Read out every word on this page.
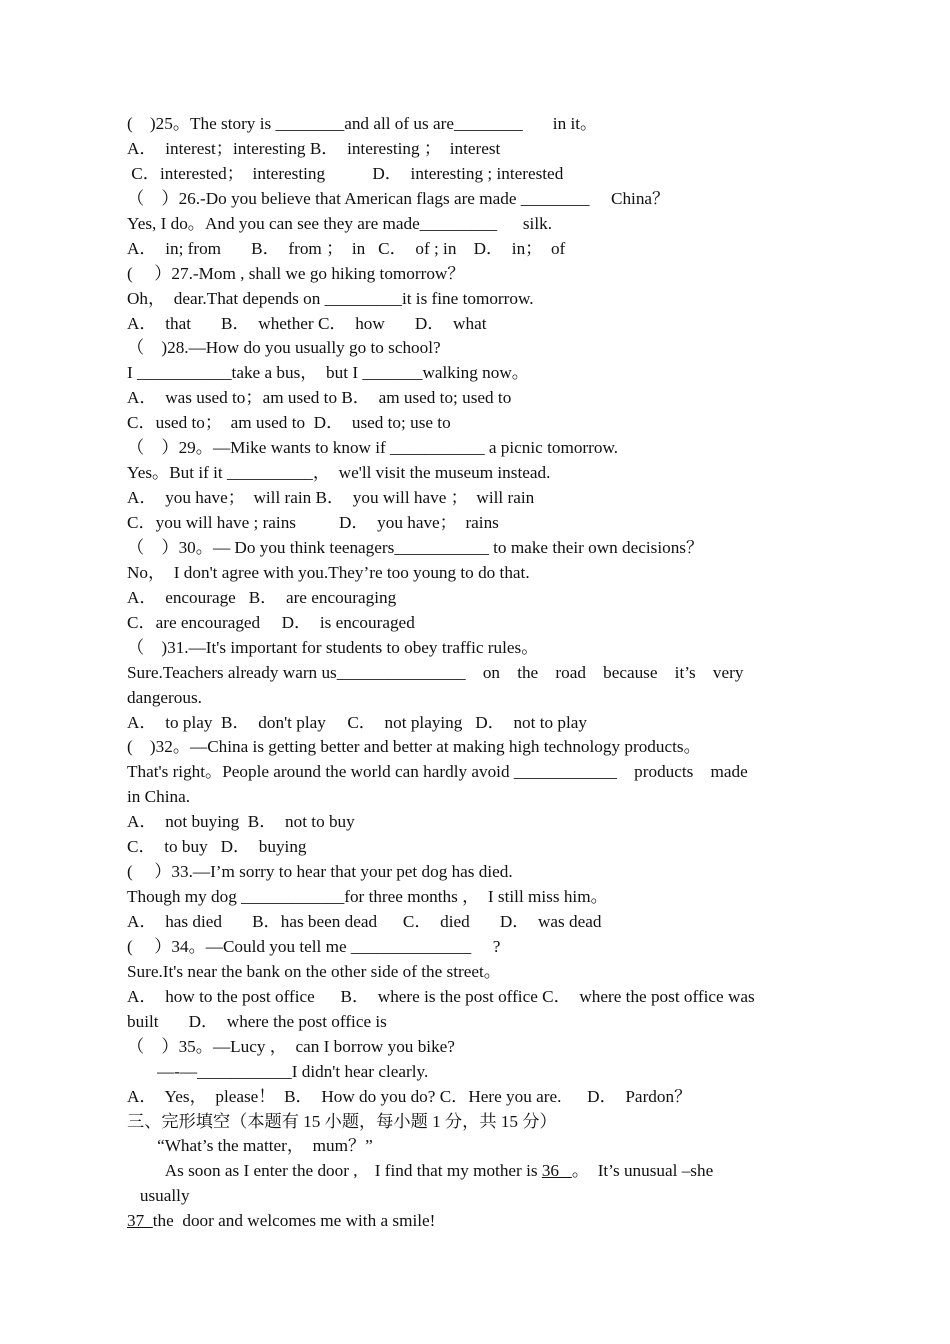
(    )25。The story is ________and all of us are________       in it。
A．  interest；interesting B．  interesting ；  interest
C．interested；  interesting           D．  interesting ; interested
（    ）26.-Do you believe that American flags are made ________     China？
Yes, I do。And you can see they are made_________      silk.
A．  in; from       B．  from ；  in   C．  of ; in    D．  in；  of
(     ）27.-Mom , shall we go hiking tomorrow？
Oh，  dear.That depends on _________it is fine tomorrow.
A．  that       B．  whether C．  how       D．  what
（    )28.—How do you usually go to school?
I ___________take a bus，  but I _______walking now。
A．  was used to；am used to B．  am used to; used to
C．used to；  am used to  D．  used to; use to
（    ）29。—Mike wants to know if ___________ a picnic tomorrow.
Yes。But if it __________，  we'll visit the museum instead.
A．  you have；  will rain B．  you will have ；  will rain
C．you will have ; rains          D．  you have；  rains
（    ）30。— Do you think teenagers___________ to make their own decisions？
No，  I don't agree with you.They’re too young to do that.
A．  encourage   B．  are encouraging
C．are encouraged     D．  is encouraged
（    )31.—It's important for students to obey traffic rules。
Sure.Teachers already warn us_______________    on    the    road    because    it’s    very
dangerous.
A．  to play  B．  don't play     C．  not playing   D．  not to play
(    )32。—China is getting better and better at making high technology products。
That's right。People around the world can hardly avoid ____________    products    made
in China.
A．  not buying  B．  not to buy
C．  to buy   D．  buying
(     ）33.—I’m sorry to hear that your pet dog has died.
Though my dog ____________for three months ，  I still miss him。
A．  has died       B．has been dead      C．  died       D．  was dead
(     ）34。—Could you tell me ______________     ?
Sure.It's near the bank on the other side of the street。
A．  how to the post office      B．  where is the post office C．  where the post office was
built       D．  where the post office is
（    ）35。—Lucy ，  can I borrow you bike?
—-—___________I didn't hear clearly.
A．  Yes，  please！  B．  How do you do? C．Here you are.      D．  Pardon？
三、完形填空（本题有 15 小题，每小题 1 分，共 15 分）
“What’s the matter，  mum？”
As soon as I enter the door ,    I find that my mother is 36   。  It’s unusual –she
usually
37  the  door and welcomes me with a smile!
